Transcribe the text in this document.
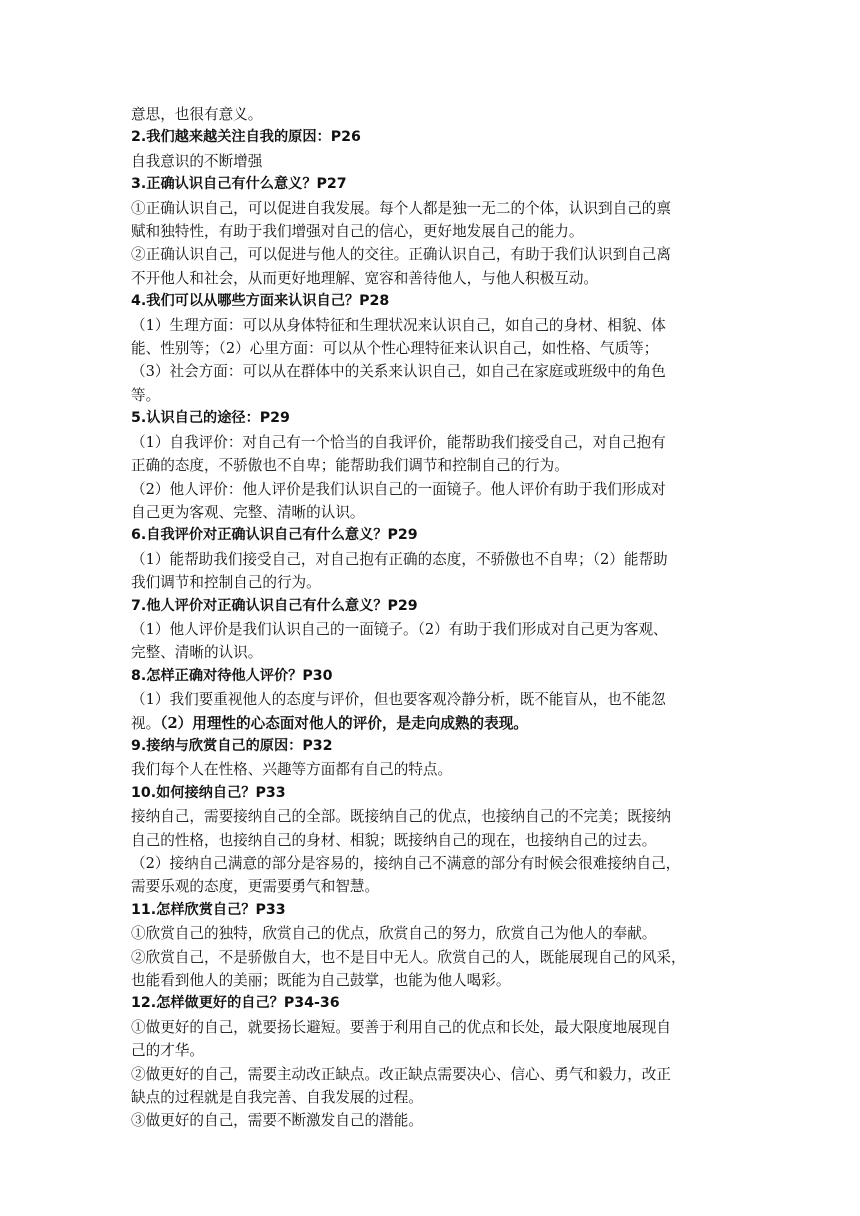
意思，也很有意义。
2.我们越来越关注自我的原因：P26
自我意识的不断增强
3.正确认识自己有什么意义？P27
①正确认识自己，可以促进自我发展。每个人都是独一无二的个体，认识到自己的禀
赋和独特性，有助于我们增强对自己的信心，更好地发展自己的能力。
②正确认识自己，可以促进与他人的交往。正确认识自己，有助于我们认识到自己离
不开他人和社会，从而更好地理解、宽容和善待他人，与他人积极互动。
4.我们可以从哪些方面来认识自己？P28
（1）生理方面：可以从身体特征和生理状况来认识自己，如自己的身材、相貌、体
能、性别等；（2）心里方面：可以从个性心理特征来认识自己，如性格、气质等；
（3）社会方面：可以从在群体中的关系来认识自己，如自己在家庭或班级中的角色
等。
5.认识自己的途径：P29
（1）自我评价：对自己有一个恰当的自我评价，能帮助我们接受自己，对自己抱有
正确的态度，不骄傲也不自卑；能帮助我们调节和控制自己的行为。
（2）他人评价：他人评价是我们认识自己的一面镜子。他人评价有助于我们形成对
自己更为客观、完整、清晰的认识。
6.自我评价对正确认识自己有什么意义？P29
（1）能帮助我们接受自己，对自己抱有正确的态度，不骄傲也不自卑；（2）能帮助
我们调节和控制自己的行为。
7.他人评价对正确认识自己有什么意义？P29
（1）他人评价是我们认识自己的一面镜子。（2）有助于我们形成对自己更为客观、
完整、清晰的认识。
8.怎样正确对待他人评价？P30
（1）我们要重视他人的态度与评价，但也要客观冷静分析，既不能盲从，也不能忽
视。（2）用理性的心态面对他人的评价，是走向成熟的表现。
9.接纳与欣赏自己的原因：P32
我们每个人在性格、兴趣等方面都有自己的特点。
10.如何接纳自己？P33
接纳自己，需要接纳自己的全部。既接纳自己的优点，也接纳自己的不完美；既接纳
自己的性格，也接纳自己的身材、相貌；既接纳自己的现在，也接纳自己的过去。
（2）接纳自己满意的部分是容易的，接纳自己不满意的部分有时候会很难接纳自己，
需要乐观的态度，更需要勇气和智慧。
11.怎样欣赏自己？P33
①欣赏自己的独特，欣赏自己的优点，欣赏自己的努力，欣赏自己为他人的奉献。
②欣赏自己，不是骄傲自大，也不是目中无人。欣赏自己的人，既能展现自己的风采，
也能看到他人的美丽；既能为自己鼓掌，也能为他人喝彩。
12.怎样做更好的自己？P34-36
①做更好的自己，就要扬长避短。要善于利用自己的优点和长处，最大限度地展现自
己的才华。
②做更好的自己，需要主动改正缺点。改正缺点需要决心、信心、勇气和毅力，改正
缺点的过程就是自我完善、自我发展的过程。
③做更好的自己，需要不断激发自己的潜能。
